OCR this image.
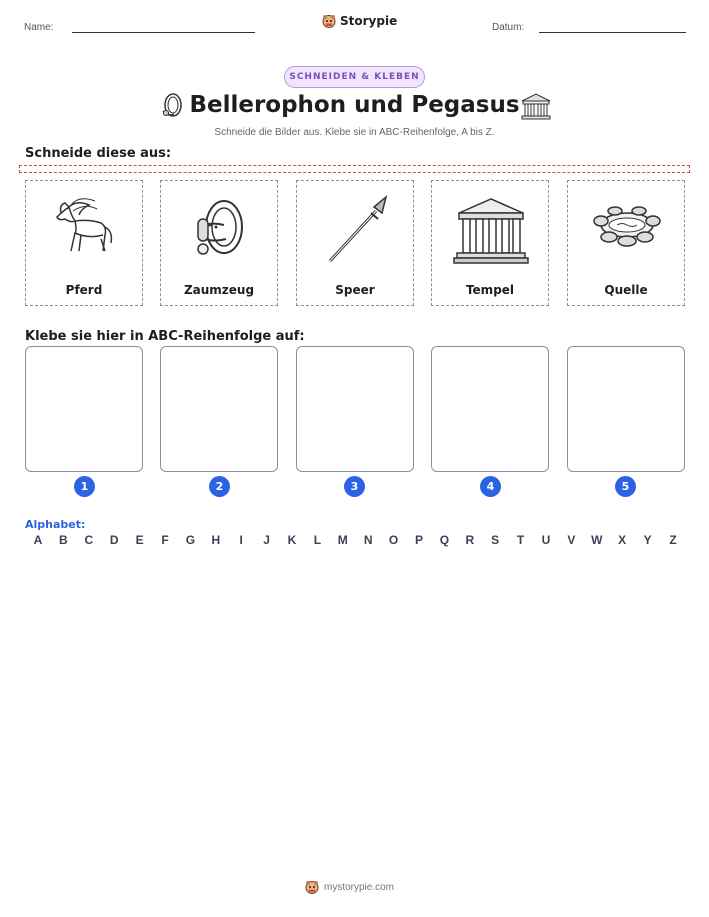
Name:	Storypie	Datum:
SCHNEIDEN & KLEBEN
Bellerophon und Pegasus
Schneide die Bilder aus. Klebe sie in ABC-Reihenfolge, A bis Z.
Schneide diese aus:
Pferd	Zaumzeug	Speer	Tempel	Quelle
Klebe sie hier in ABC-Reihenfolge auf:
1	2	3	4	5
Alphabet:
A	B	C	D	E	F	G	H	I	J	K	L	M	N	O	P	Q	R	S	T	U	V	W	X	Y	Z
mystorypie.com
